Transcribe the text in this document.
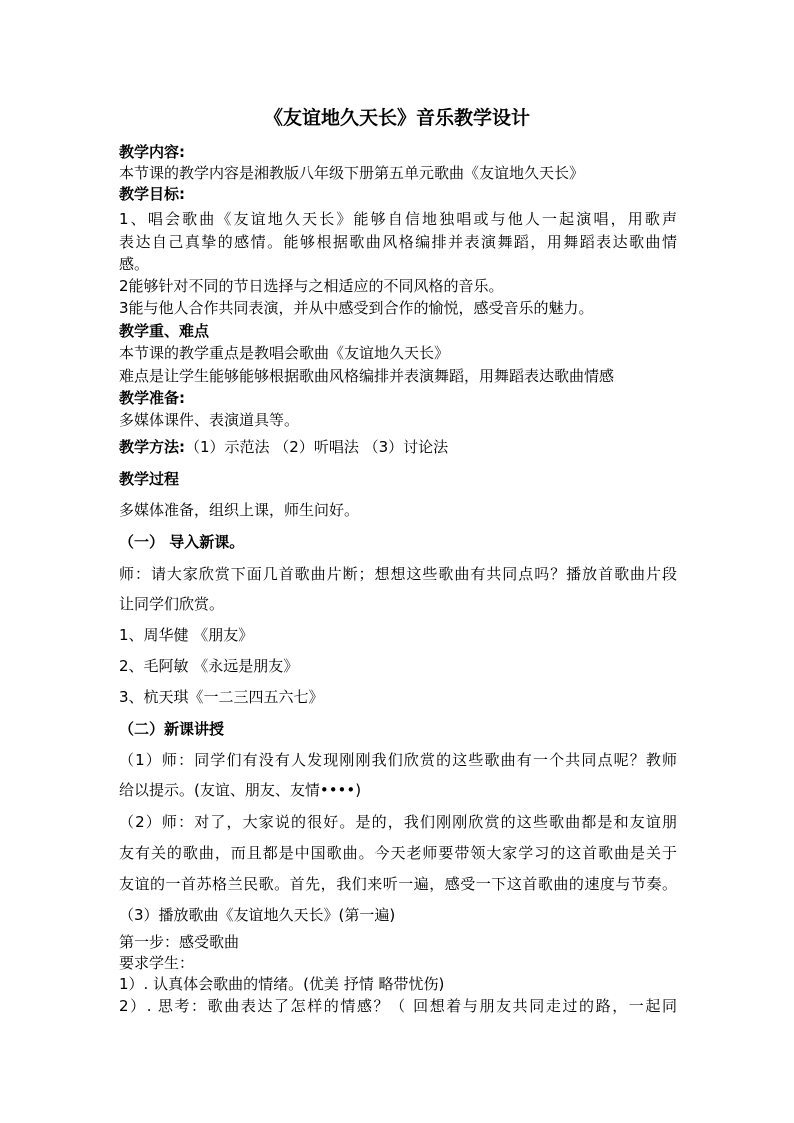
《友谊地久天长》音乐教学设计
教学内容:
本节课的教学内容是湘教版八年级下册第五单元歌曲《友谊地久天长》
教学目标:
1、唱会歌曲《友谊地久天长》能够自信地独唱或与他人一起演唱，用歌声
表达自己真挚的感情。能够根据歌曲风格编排并表演舞蹈，用舞蹈表达歌曲情
感。
2能够针对不同的节日选择与之相适应的不同风格的音乐。
3能与他人合作共同表演，并从中感受到合作的愉悦，感受音乐的魅力。
教学重、难点
本节课的教学重点是教唱会歌曲《友谊地久天长》
难点是让学生能够能够根据歌曲风格编排并表演舞蹈，用舞蹈表达歌曲情感
教学准备:
多媒体课件、表演道具等。
教学方法:（1）示范法 （2）听唱法 （3）讨论法
教学过程
多媒体准备，组织上课，师生问好。
（一） 导入新课。
师：请大家欣赏下面几首歌曲片断；想想这些歌曲有共同点吗？播放首歌曲片段
让同学们欣赏。
1、周华健 《朋友》
2、毛阿敏 《永远是朋友》
3、杭天琪《一二三四五六七》
（二）新课讲授
（1）师：同学们有没有人发现刚刚我们欣赏的这些歌曲有一个共同点呢？教师
给以提示。(友谊、朋友、友情••••)
（2）师：对了，大家说的很好。是的，我们刚刚欣赏的这些歌曲都是和友谊朋
友有关的歌曲，而且都是中国歌曲。今天老师要带领大家学习的这首歌曲是关于
友谊的一首苏格兰民歌。首先，我们来听一遍，感受一下这首歌曲的速度与节奏。
（3）播放歌曲《友谊地久天长》(第一遍)
第一步：感受歌曲
要求学生：
1）. 认真体会歌曲的情绪。(优美 抒情 略带忧伤)
2）. 思考：歌曲表达了怎样的情感？（ 回想着与朋友共同走过的路，一起同
